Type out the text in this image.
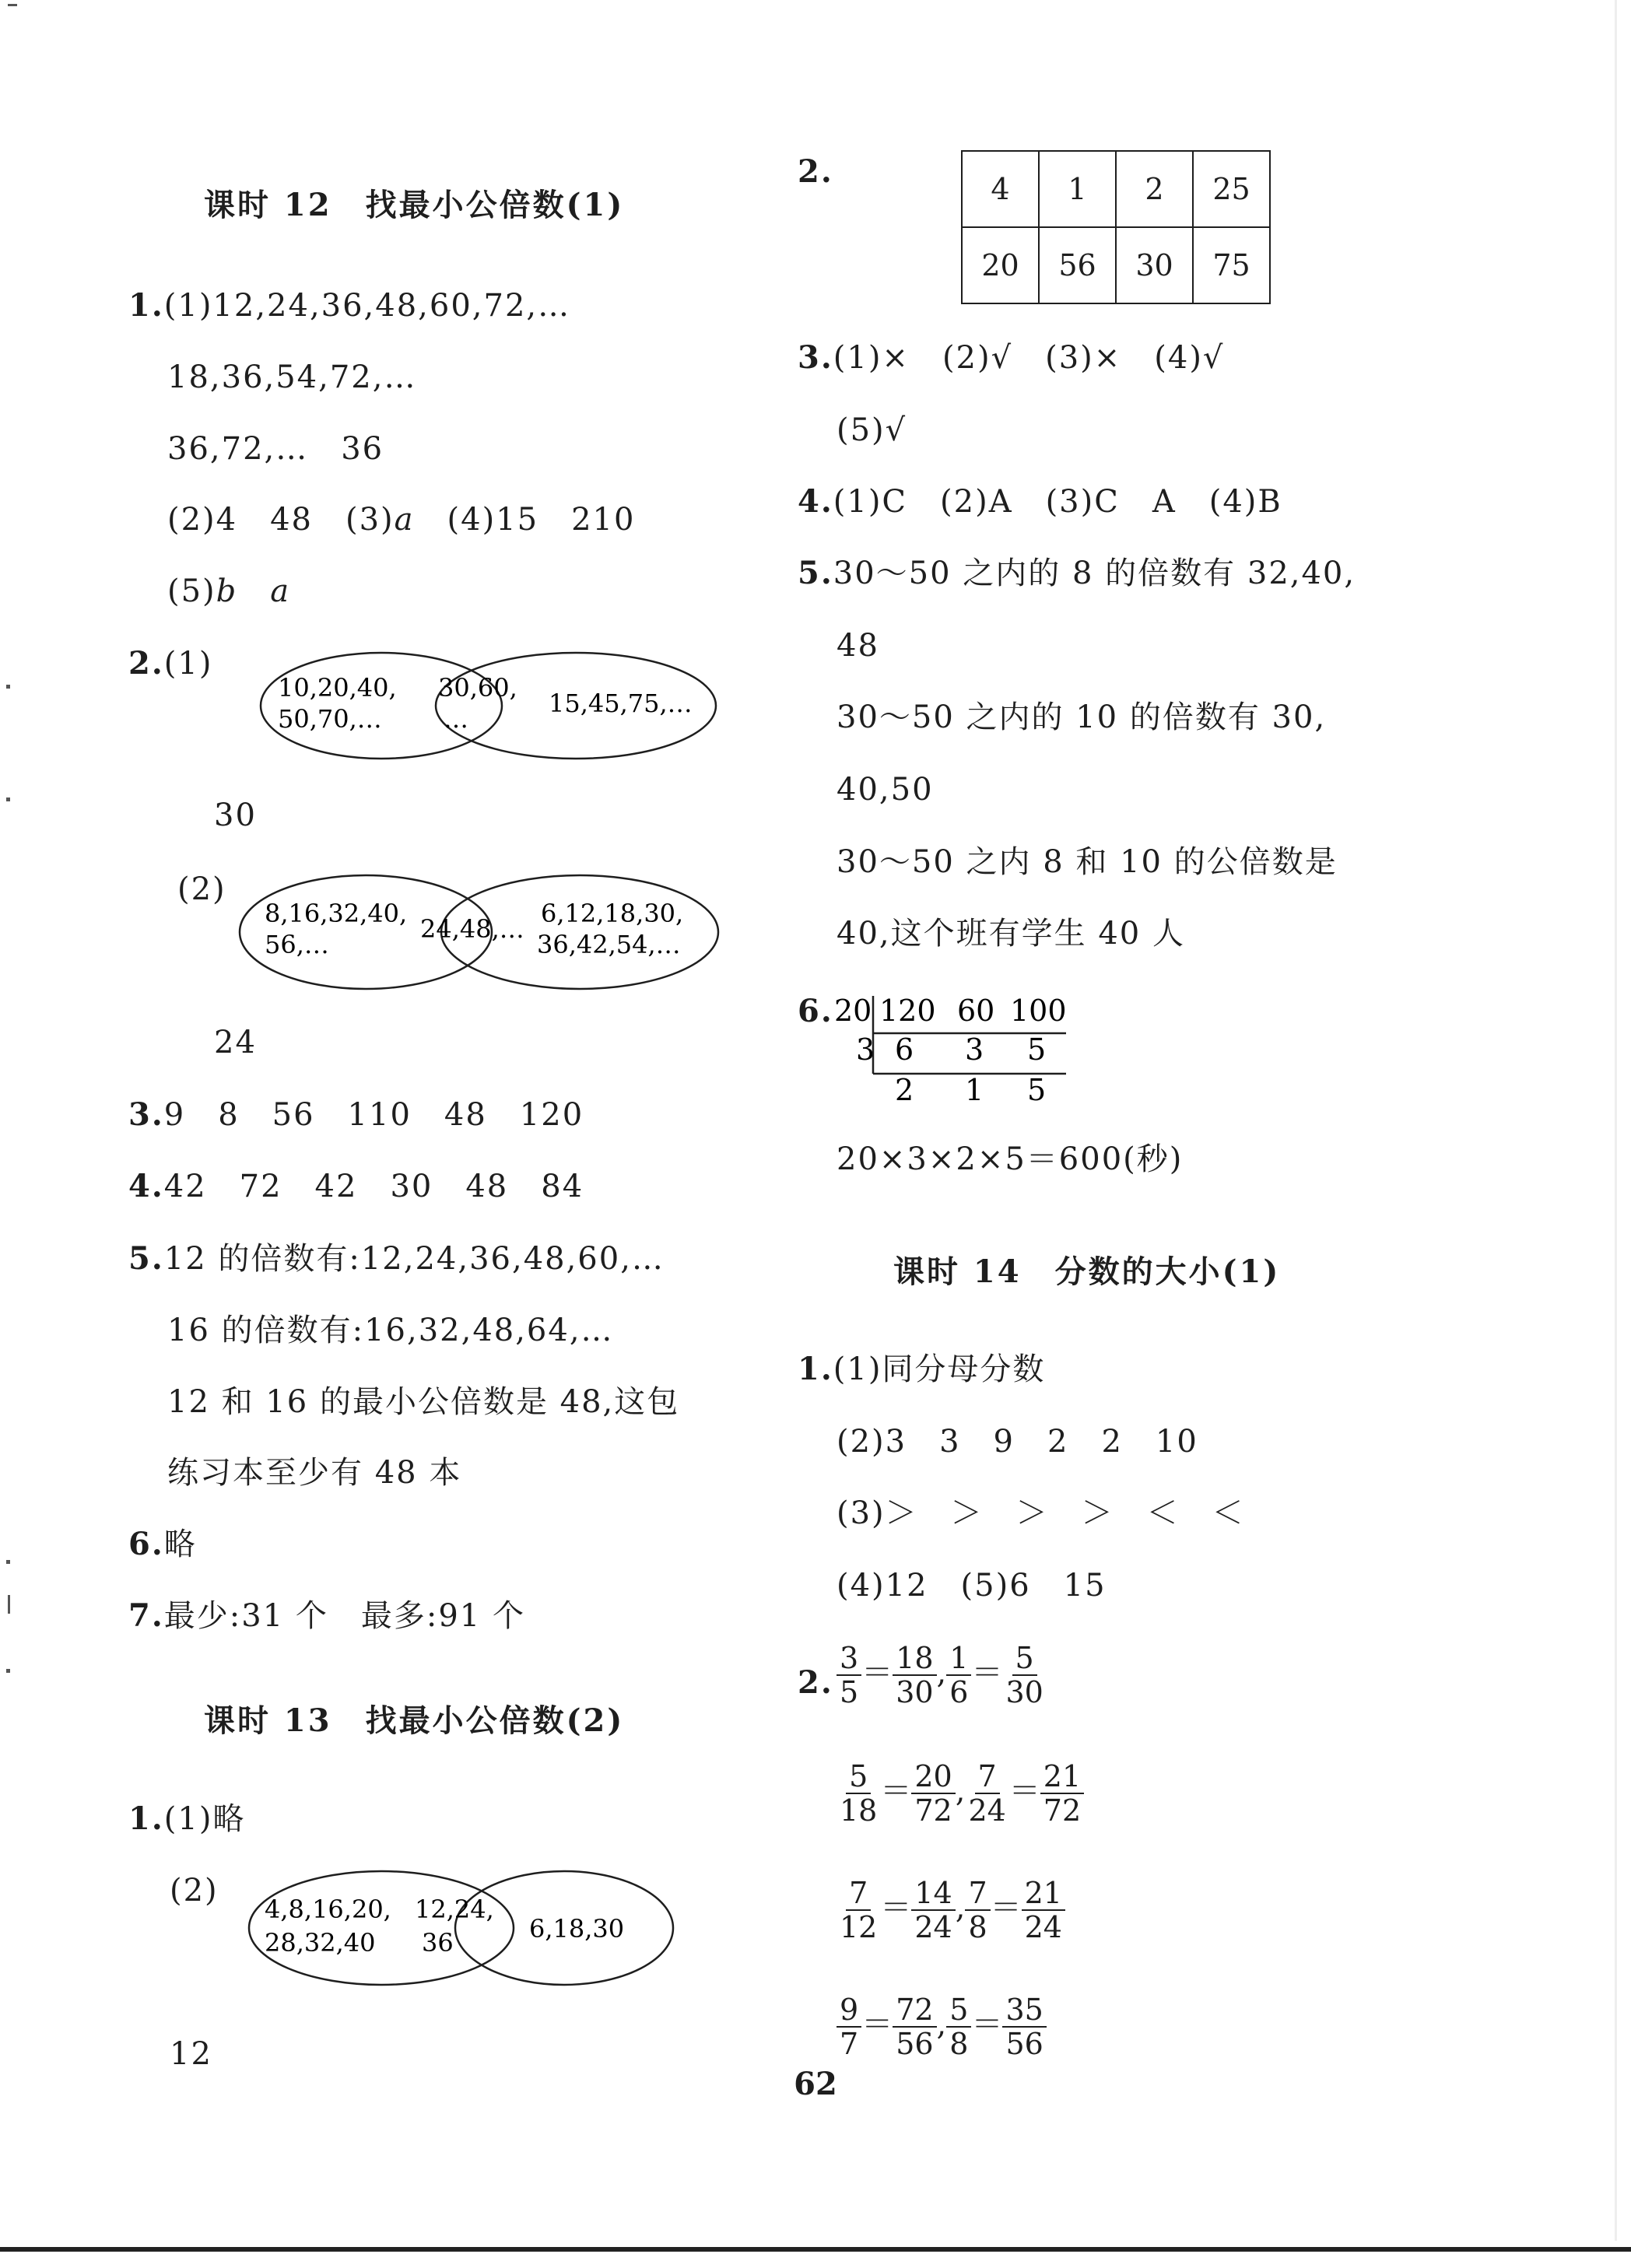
课时 12　找最小公倍数(1)
1.(1)12,24,36,48,60,72,…
18,36,54,72,…
36,72,…　36
(2)4　48　(3)a　(4)15　210
(5)b　 a
2.(1)
10,20,40,
50,70,…
30,60,
…
15,45,75,…
30
(2)
8,16,32,40,
56,…
24,48,…
6,12,18,30,
36,42,54,…
24
3.9　8　56　110　48　120
4.42　72　42　30　48　84
5.12 的倍数有:12,24,36,48,60,…
16 的倍数有:16,32,48,64,…
12 和 16 的最小公倍数是 48,这包
练习本至少有 48 本
6.略
7.最少:31 个　最多:91 个
课时 13　找最小公倍数(2)
1.(1)略
(2)
4,8,16,20,
28,32,40
12,24,
36	6,18,30
12
2.	4	1	2	25
20	56	30	75
3.(1)×　(2)√　(3)×　(4)√
(5)√
4.(1)C　(2)A　(3)C　A　(4)B
5.30～50 之内的 8 的倍数有 32,40,
48
30～50 之内的 10 的倍数有 30,
40,50
30～50 之内 8 和 10 的公倍数是
40,这个班有学生 40 人
6. 20
3
120 60 100
6 3 5
2 1 5
20×3×2×5＝600(秒)
课时 14　分数的大小(1)
1.(1)同分母分数
(2)3　3　9　2　2　10
(3)＞　＞　＞　＞　＜　＜
(4)12　(5)6　15
2. $\frac{3}{5} = \frac{18}{30}$ , $\frac{1}{6} = \frac{5}{30}$
$\frac{5}{18} = \frac{20}{72}$ , $\frac{7}{24} = \frac{21}{72}$
$\frac{7}{12} = \frac{14}{24}$ , $\frac{7}{8} = \frac{21}{24}$
$\frac{9}{7} = \frac{72}{56}$ , $\frac{5}{8} = \frac{35}{56}$
62
